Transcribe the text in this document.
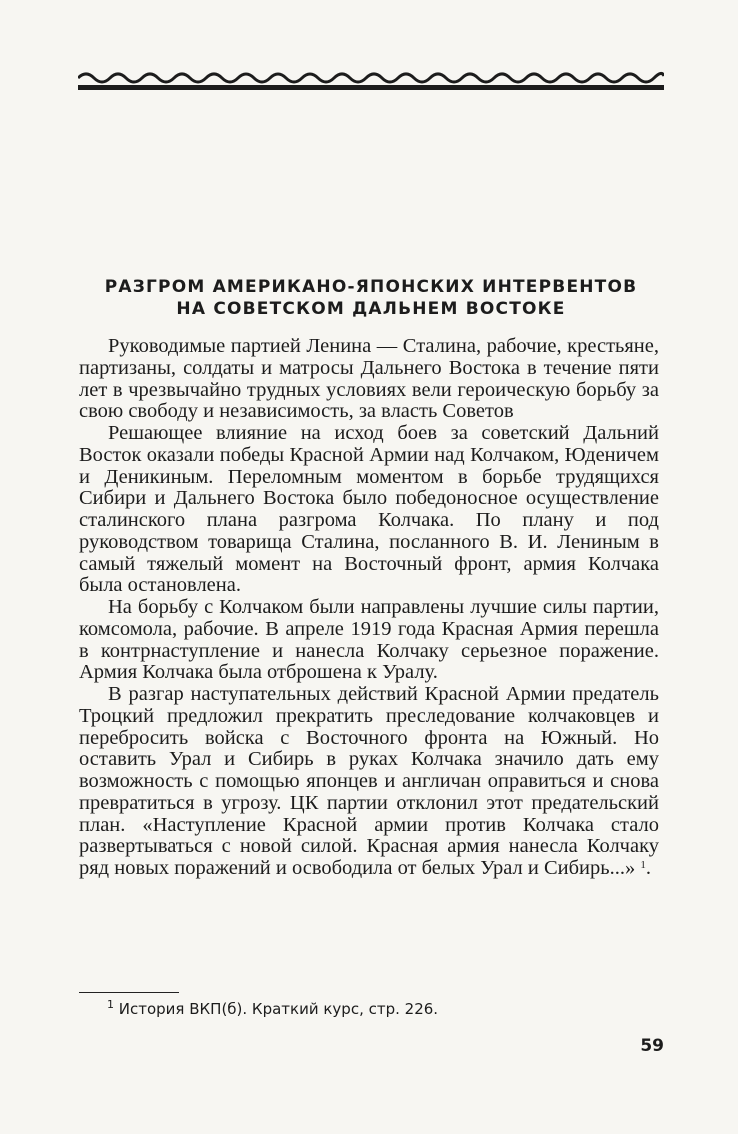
РАЗГРОМ АМЕРИКАНО-ЯПОНСКИХ ИНТЕРВЕНТОВ
НА СОВЕТСКОМ ДАЛЬНЕМ ВОСТОКЕ

Руководимые партией Ленина — Сталина, рабочие, крестьяне, партизаны, солдаты и матросы Дальнего Востока в течение пяти лет в чрезвычайно трудных условиях вели героическую борьбу за свою свободу и независимость, за власть Советов

Решающее влияние на исход боев за советский Дальний Восток оказали победы Красной Армии над Колчаком, Юденичем и Деникиным. Переломным моментом в борьбе трудящихся Сибири и Дальнего Востока было победоносное осуществление сталинского плана разгрома Колчака. По плану и под руководством товарища Сталина, посланного В. И. Лениным в самый тяжелый момент на Восточный фронт, армия Колчака была остановлена.

На борьбу с Колчаком были направлены лучшие силы партии, комсомола, рабочие. В апреле 1919 года Красная Армия перешла в контрнаступление и нанесла Колчаку серьезное поражение. Армия Колчака была отброшена к Уралу.

В разгар наступательных действий Красной Армии предатель Троцкий предложил прекратить преследование колчаковцев и перебросить войска с Восточного фронта на Южный. Но оставить Урал и Сибирь в руках Колчака значило дать ему возможность с помощью японцев и англичан оправиться и снова превратиться в угрозу. ЦК партии отклонил этот предательский план. «Наступление Красной армии против Колчака стало развертываться с новой силой. Красная армия нанесла Колчаку ряд новых поражений и освободила от белых Урал и Сибирь...» $^1$.

$^1$ История ВКП(б). Краткий курс, стр. 226.
59
